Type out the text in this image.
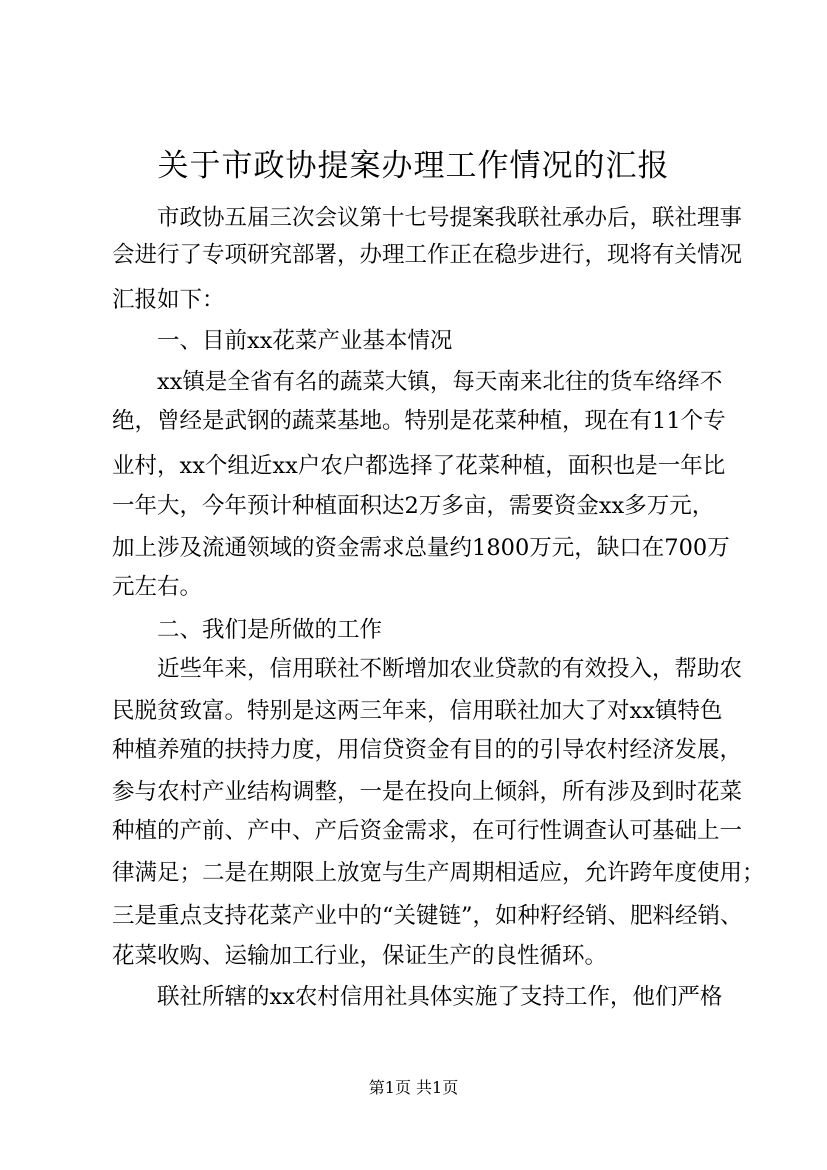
关于市政协提案办理工作情况的汇报

市政协五届三次会议第十七号提案我联社承办后，联社理事

会进行了专项研究部署，办理工作正在稳步进行，现将有关情况

汇报如下：

一、目前xx花菜产业基本情况

xx镇是全省有名的蔬菜大镇，每天南来北往的货车络绎不

绝，曾经是武钢的蔬菜基地。特别是花菜种植，现在有11个专

业村，xx个组近xx户农户都选择了花菜种植，面积也是一年比

一年大，今年预计种植面积达2万多亩，需要资金xx多万元，

加上涉及流通领域的资金需求总量约1800万元，缺口在700万

元左右。

二、我们是所做的工作

近些年来，信用联社不断增加农业贷款的有效投入，帮助农

民脱贫致富。特别是这两三年来，信用联社加大了对xx镇特色

种植养殖的扶持力度，用信贷资金有目的的引导农村经济发展，

参与农村产业结构调整，一是在投向上倾斜，所有涉及到时花菜

种植的产前、产中、产后资金需求，在可行性调查认可基础上一

律满足；二是在期限上放宽与生产周期相适应，允许跨年度使用；

三是重点支持花菜产业中的“关键链”，如种籽经销、肥料经销、

花菜收购、运输加工行业，保证生产的良性循环。

联社所辖的xx农村信用社具体实施了支持工作，他们严格

第1页 共1页
